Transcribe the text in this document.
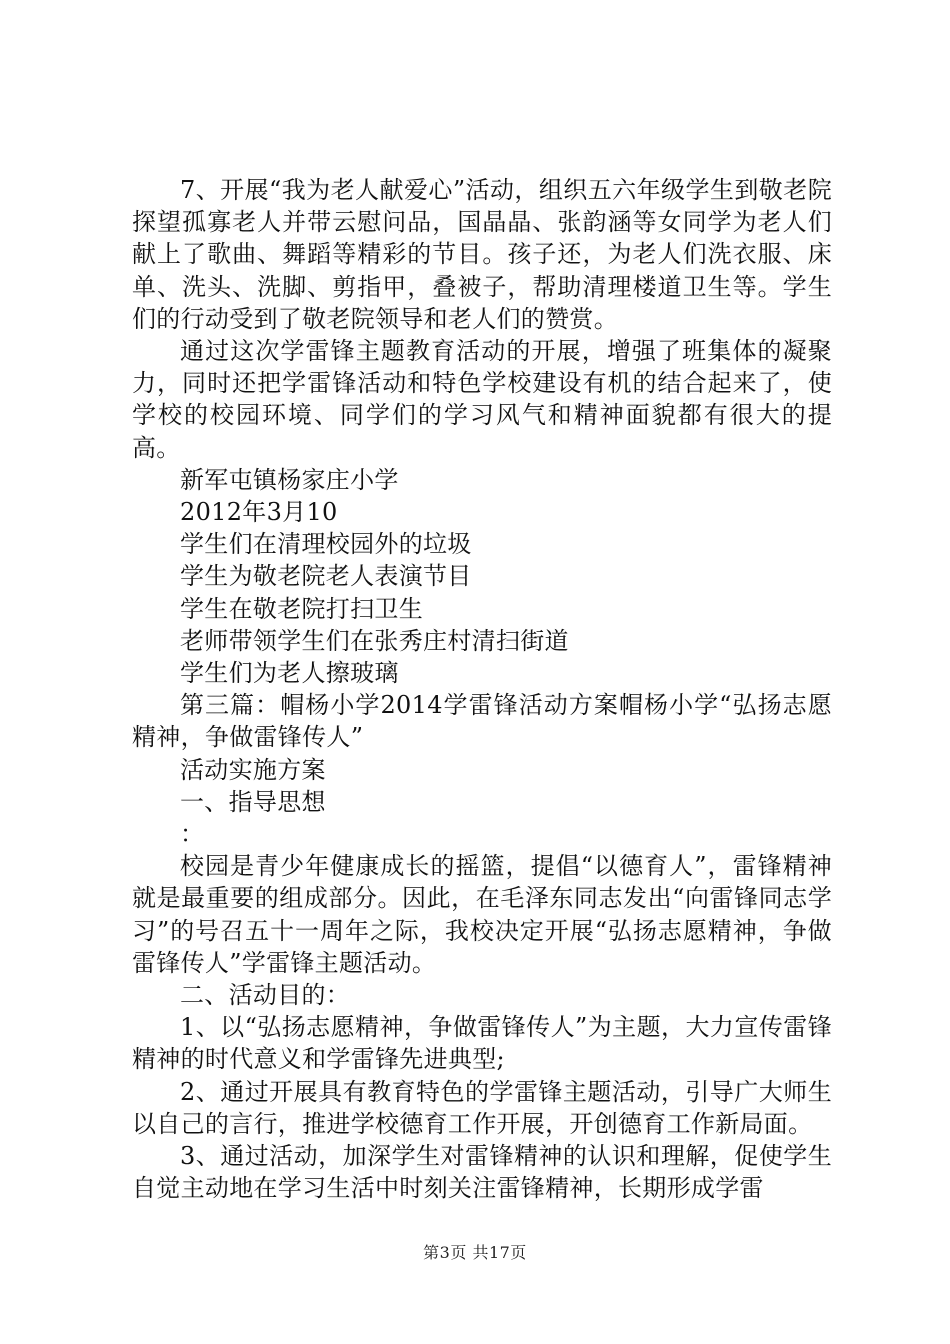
7、开展“我为老人献爱心”活动，组织五六年级学生到敬老院探望孤寡老人并带云慰问品，国晶晶、张韵涵等女同学为老人们献上了歌曲、舞蹈等精彩的节目。孩子还，为老人们洗衣服、床单、洗头、洗脚、剪指甲，叠被子，帮助清理楼道卫生等。学生们的行动受到了敬老院领导和老人们的赞赏。

通过这次学雷锋主题教育活动的开展，增强了班集体的凝聚力，同时还把学雷锋活动和特色学校建设有机的结合起来了，使学校的校园环境、同学们的学习风气和精神面貌都有很大的提高。

新军屯镇杨家庄小学

2012年3月10

学生们在清理校园外的垃圾

学生为敬老院老人表演节目

学生在敬老院打扫卫生

老师带领学生们在张秀庄村清扫街道

学生们为老人擦玻璃

第三篇：帽杨小学2014学雷锋活动方案帽杨小学“弘扬志愿精神，争做雷锋传人”

活动实施方案

一、指导思想

：

校园是青少年健康成长的摇篮，提倡“以德育人”，雷锋精神就是最重要的组成部分。因此，在毛泽东同志发出“向雷锋同志学习”的号召五十一周年之际，我校决定开展“弘扬志愿精神，争做雷锋传人”学雷锋主题活动。

二、活动目的：

1、以“弘扬志愿精神，争做雷锋传人”为主题，大力宣传雷锋精神的时代意义和学雷锋先进典型;

2、通过开展具有教育特色的学雷锋主题活动，引导广大师生以自己的言行，推进学校德育工作开展，开创德育工作新局面。

3、通过活动，加深学生对雷锋精神的认识和理解，促使学生自觉主动地在学习生活中时刻关注雷锋精神，长期形成学雷

第3页 共17页
